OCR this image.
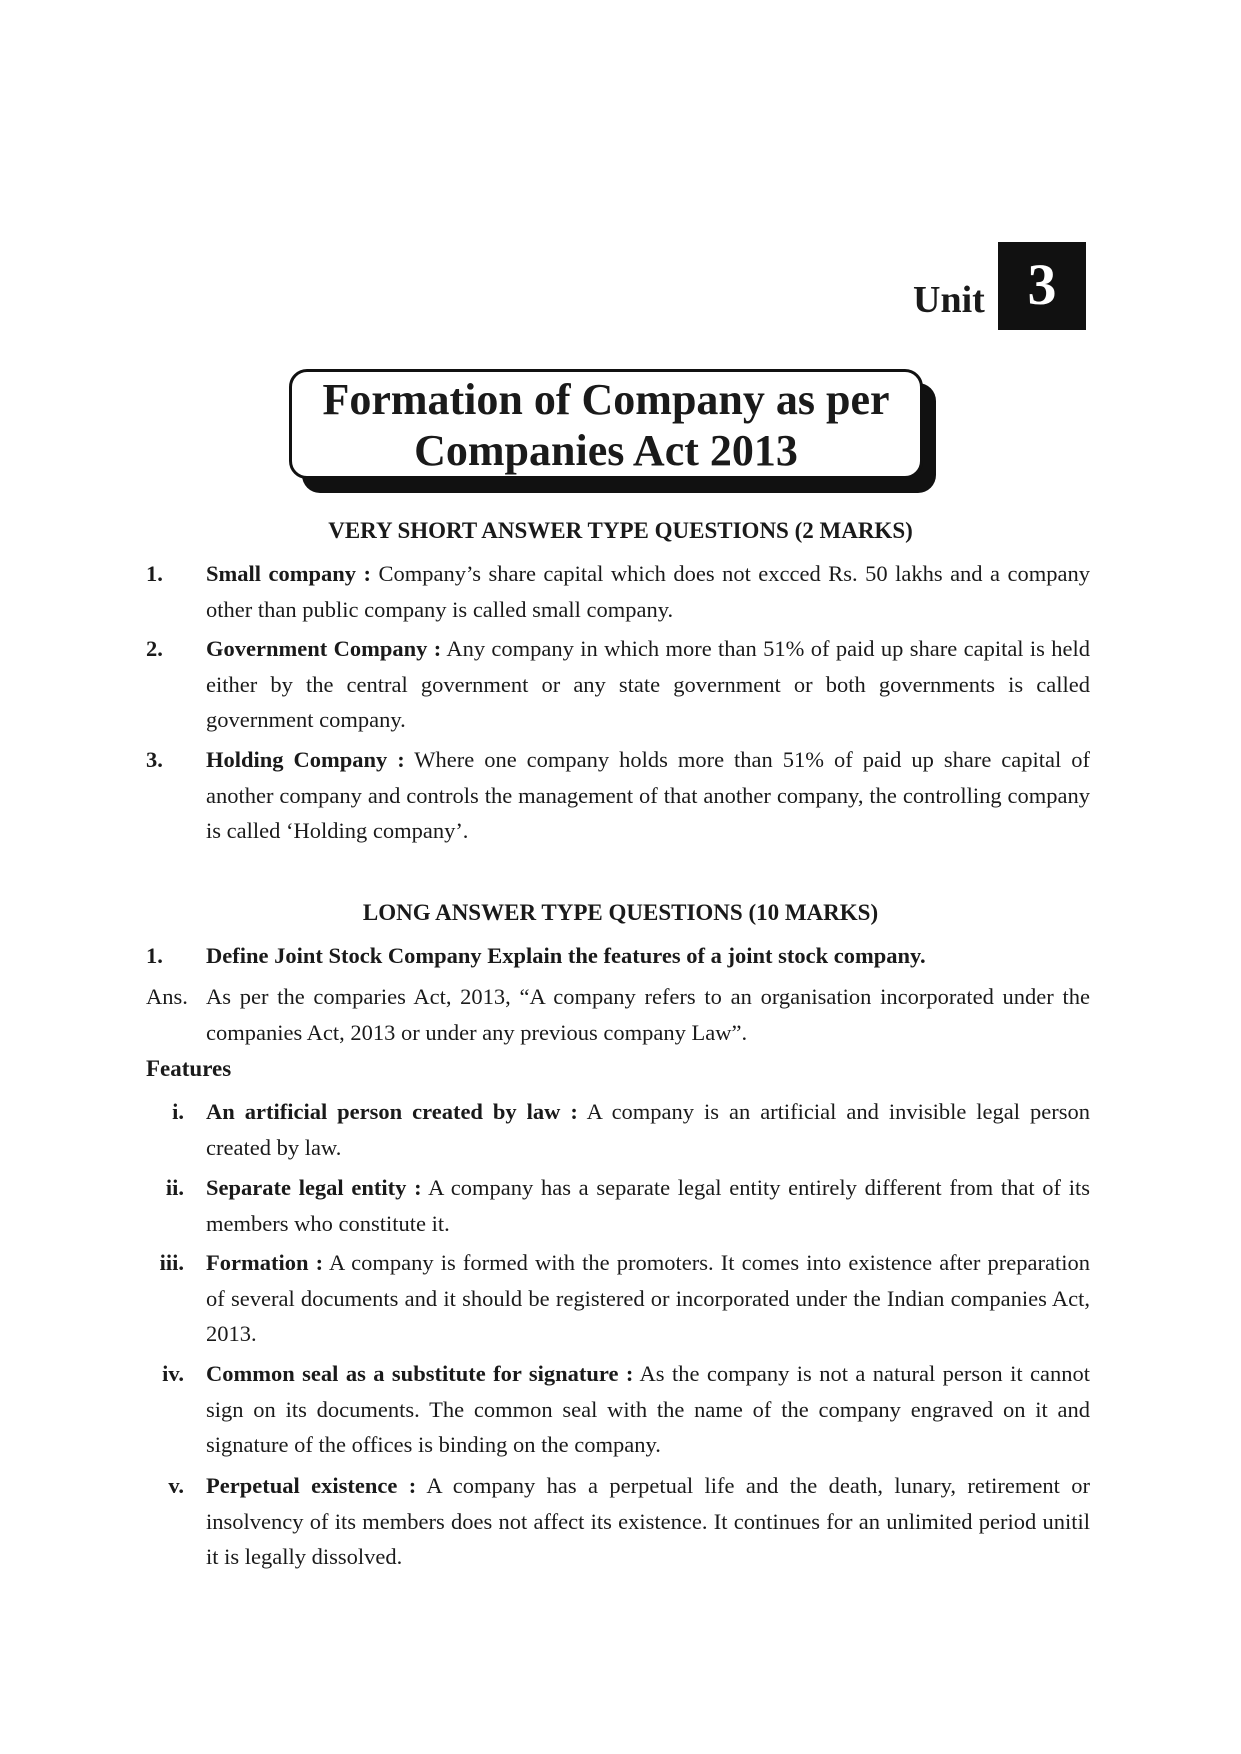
Unit 3
Formation of Company as per
Companies Act 2013
VERY SHORT ANSWER TYPE QUESTIONS (2 MARKS)
1. Small company : Company’s share capital which does not excced Rs. 50 lakhs and a company other than public company is called small company.
2. Government Company : Any company in which more than 51% of paid up share capital is held either by the central government or any state government or both governments is called government company.
3. Holding Company : Where one company holds more than 51% of paid up share capital of another company and controls the management of that another company, the controlling company is called ‘Holding company’.
LONG ANSWER TYPE QUESTIONS (10 MARKS)
1. Define Joint Stock Company Explain the features of a joint stock company.
Ans. As per the comparies Act, 2013, “A company refers to an organisation incorporated under the companies Act, 2013 or under any previous company Law”.
Features
i. An artificial person created by law : A company is an artificial and invisible legal person created by law.
ii. Separate legal entity : A company has a separate legal entity entirely different from that of its members who constitute it.
iii. Formation : A company is formed with the promoters. It comes into existence after preparation of several documents and it should be registered or incorporated under the Indian companies Act, 2013.
iv. Common seal as a substitute for signature : As the company is not a natural person it cannot sign on its documents. The common seal with the name of the company engraved on it and signature of the offices is binding on the company.
v. Perpetual existence : A company has a perpetual life and the death, lunary, retirement or insolvency of its members does not affect its existence. It continues for an unlimited period unitil it is legally dissolved.
